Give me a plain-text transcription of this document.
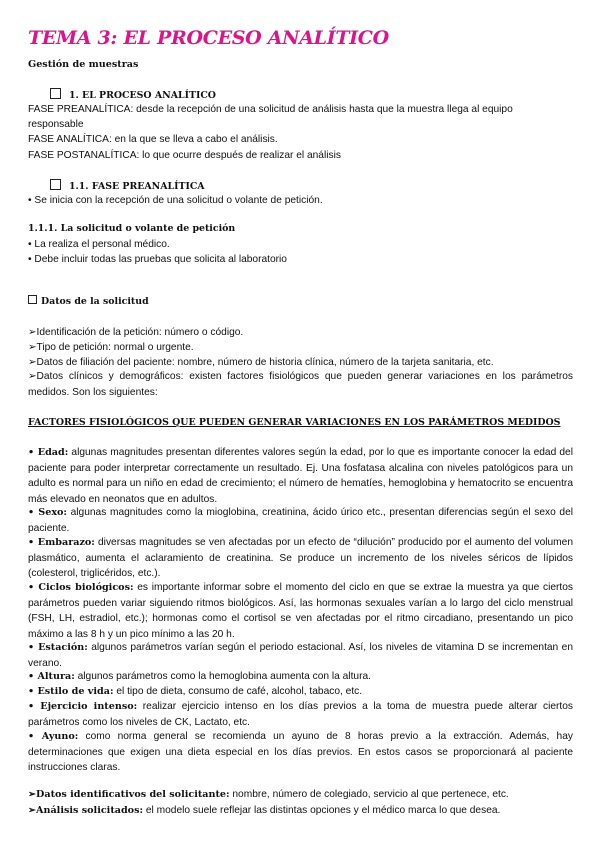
TEMA 3: EL PROCESO ANALÍTICO
Gestión de muestras
1. EL PROCESO ANALÍTICO
FASE PREANALÍTICA: desde la recepción de una solicitud de análisis hasta que la muestra llega al equipo
responsable
FASE ANALÍTICA: en la que se lleva a cabo el análisis.
FASE POSTANALÍTICA: lo que ocurre después de realizar el análisis
1.1. FASE PREANALÍTICA
• Se inicia con la recepción de una solicitud o volante de petición.
1.1.1. La solicitud o volante de petición
• La realiza el personal médico.
• Debe incluir todas las pruebas que solicita al laboratorio
Datos de la solicitud
➢Identificación de la petición: número o código.
➢Tipo de petición: normal o urgente.
➢Datos de filiación del paciente: nombre, número de historia clínica, número de la tarjeta sanitaria, etc.
➢Datos clínicos y demográficos: existen factores fisiológicos que pueden generar variaciones en los parámetros medidos. Son los siguientes:
FACTORES FISIOLÓGICOS QUE PUEDEN GENERAR VARIACIONES EN LOS PARÁMETROS MEDIDOS
• Edad: algunas magnitudes presentan diferentes valores según la edad, por lo que es importante conocer la edad del paciente para poder interpretar correctamente un resultado. Ej. Una fosfatasa alcalina con niveles patológicos para un adulto es normal para un niño en edad de crecimiento; el número de hematíes, hemoglobina y hematocrito se encuentra más elevado en neonatos que en adultos.
• Sexo: algunas magnitudes como la mioglobina, creatinina, ácido úrico etc., presentan diferencias según el sexo del paciente.
• Embarazo: diversas magnitudes se ven afectadas por un efecto de “dilución” producido por el aumento del volumen plasmático, aumenta el aclaramiento de creatinina. Se produce un incremento de los niveles séricos de lípidos (colesterol, triglicéridos, etc.).
• Ciclos biológicos: es importante informar sobre el momento del ciclo en que se extrae la muestra ya que ciertos parámetros pueden variar siguiendo ritmos biológicos. Así, las hormonas sexuales varían a lo largo del ciclo menstrual (FSH, LH, estradiol, etc.); hormonas como el cortisol se ven afectadas por el ritmo circadiano, presentando un pico máximo a las 8 h y un pico mínimo a las 20 h.
• Estación: algunos parámetros varían según el periodo estacional. Así, los niveles de vitamina D se incrementan en verano.
• Altura: algunos parámetros como la hemoglobina aumenta con la altura.
• Estilo de vida: el tipo de dieta, consumo de café, alcohol, tabaco, etc.
• Ejercicio intenso: realizar ejercicio intenso en los días previos a la toma de muestra puede alterar ciertos parámetros como los niveles de CK, Lactato, etc.
• Ayuno: como norma general se recomienda un ayuno de 8 horas previo a la extracción. Además, hay determinaciones que exigen una dieta especial en los días previos. En estos casos se proporcionará al paciente instrucciones claras.
➢Datos identificativos del solicitante: nombre, número de colegiado, servicio al que pertenece, etc.
➢Análisis solicitados: el modelo suele reflejar las distintas opciones y el médico marca lo que desea.
